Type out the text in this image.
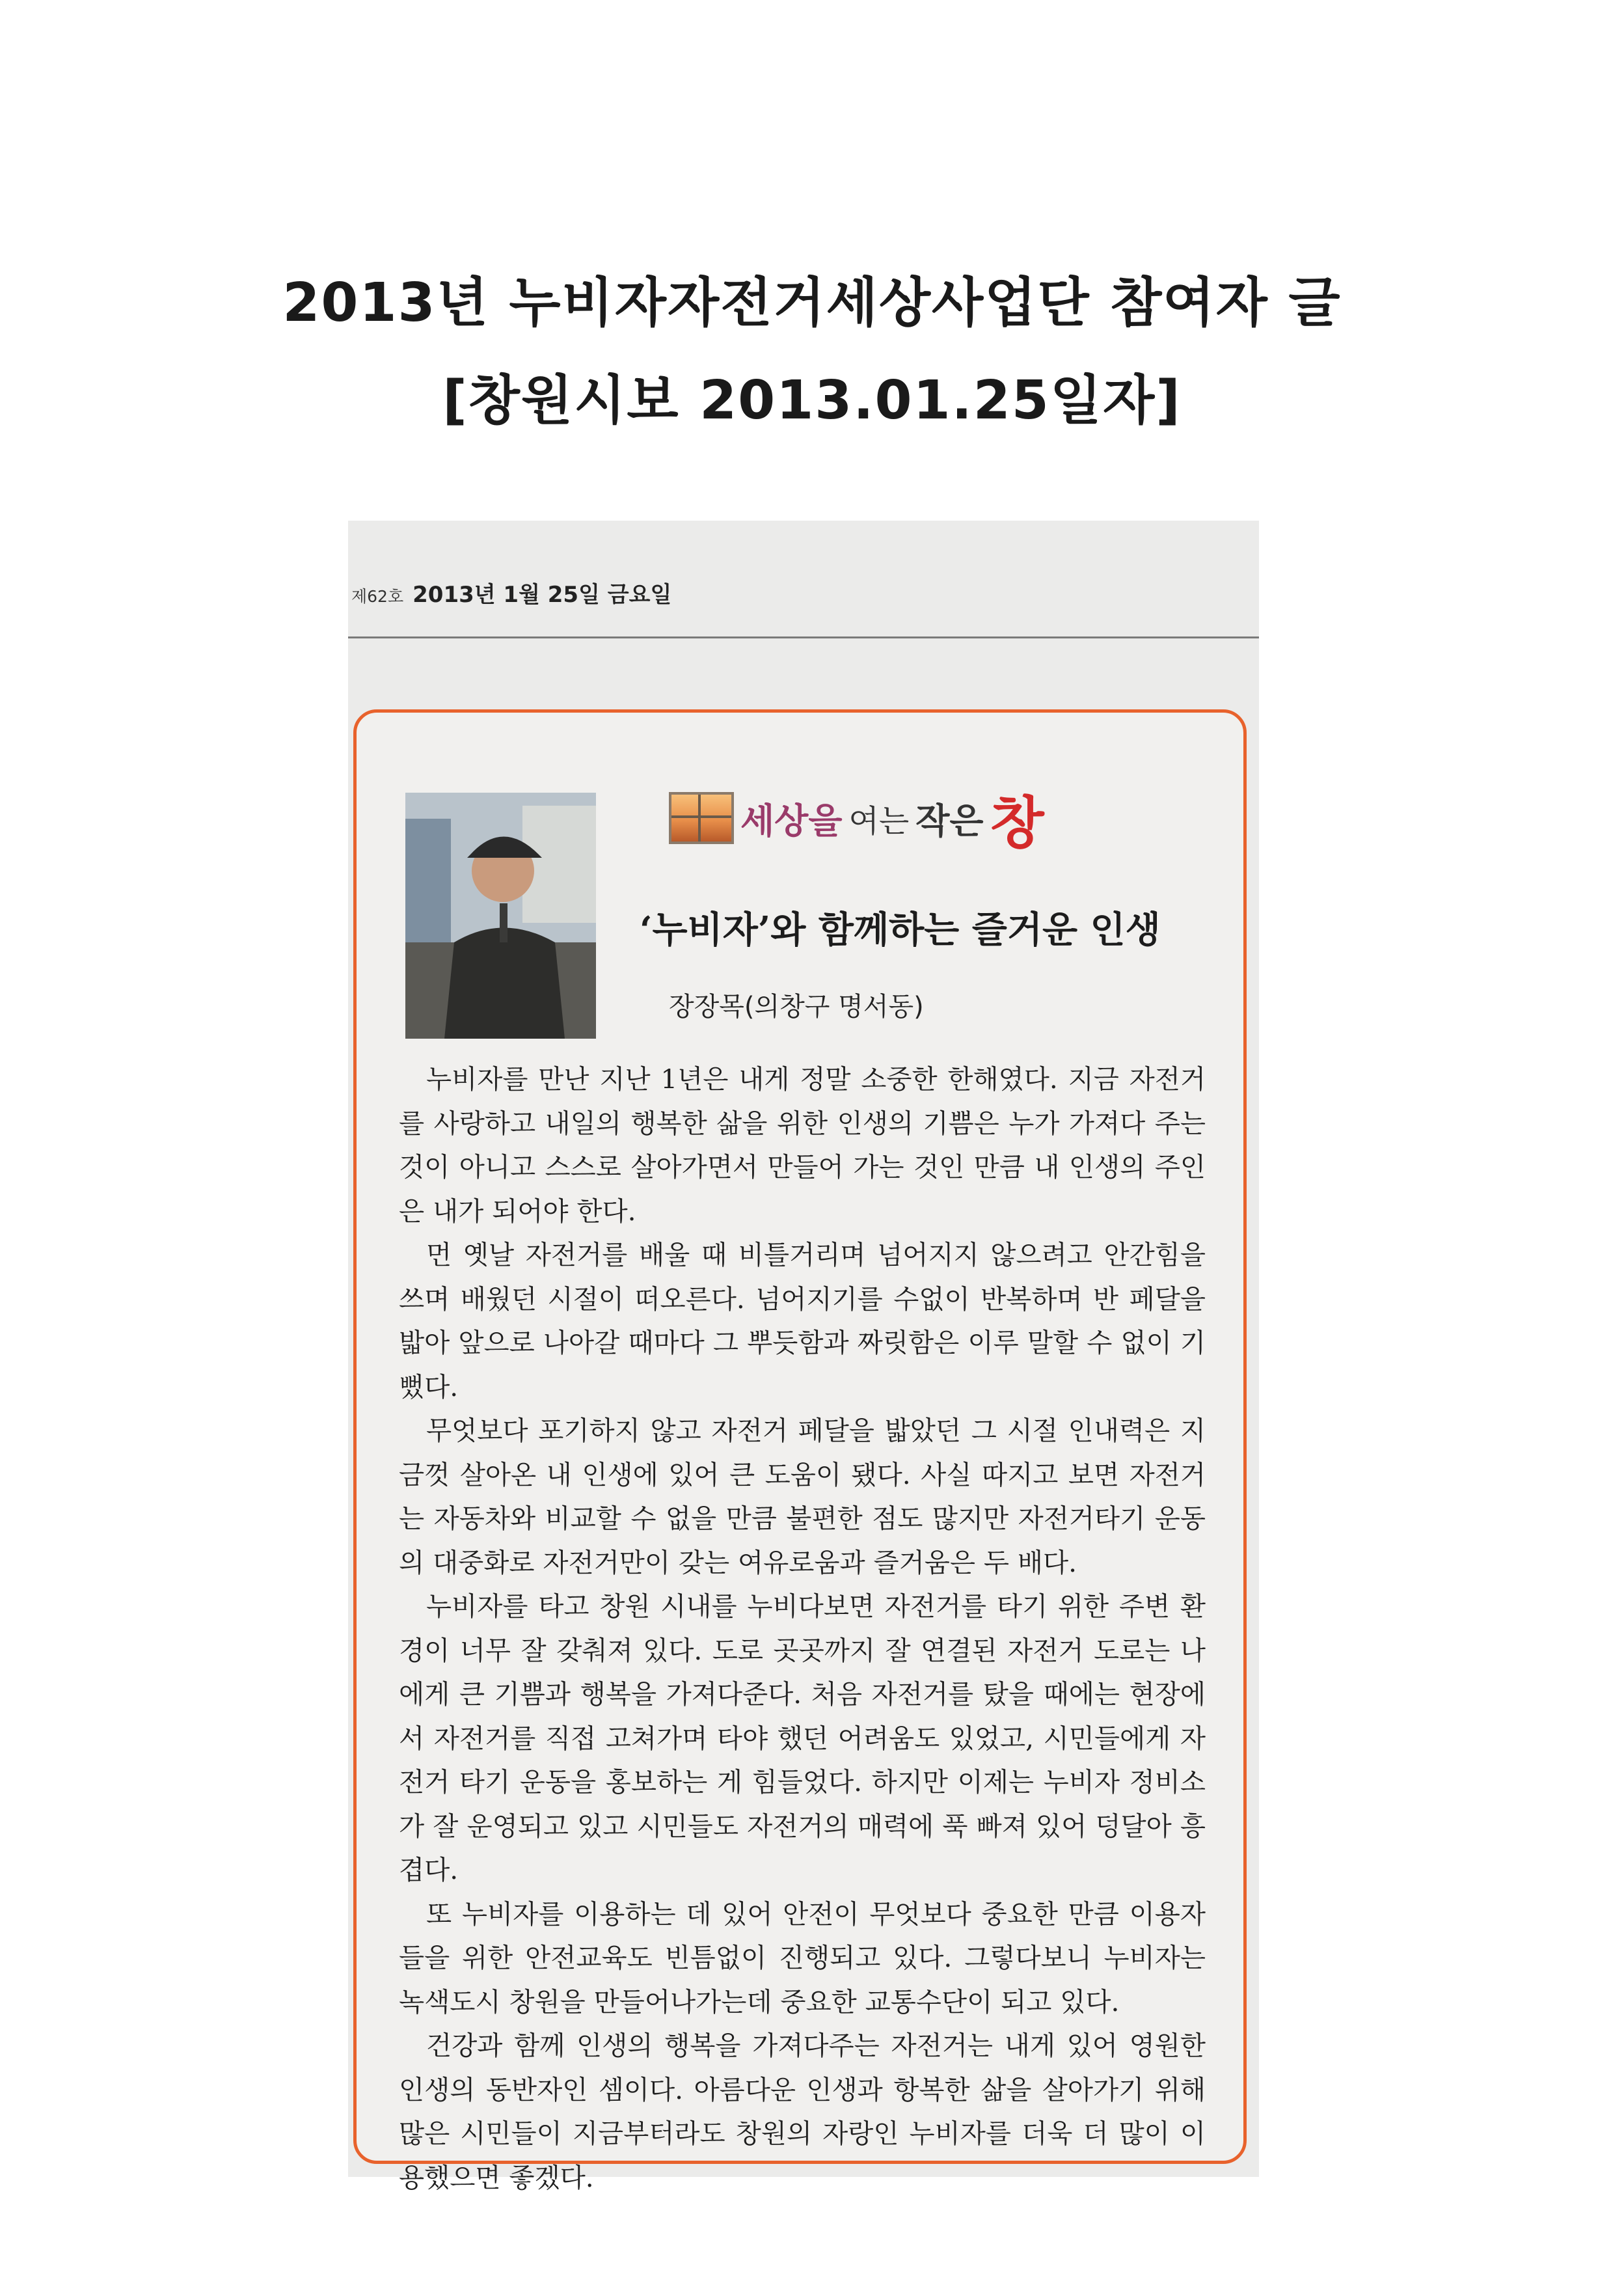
2013년 누비자자전거세상사업단 참여자 글
[창원시보 2013.01.25일자]
제62호 2013년 1월 25일 금요일
세상을 여는 작은 창
‘누비자’와 함께하는 즐거운 인생
장장목(의창구 명서동)

누비자를 만난 지난 1년은 내게 정말 소중한 한해였다. 지금 자전거를 사랑하고 내일의 행복한 삶을 위한 인생의 기쁨은 누가 가져다 주는 것이 아니고 스스로 살아가면서 만들어 가는 것인 만큼 내 인생의 주인은 내가 되어야 한다.

먼 옛날 자전거를 배울 때 비틀거리며 넘어지지 않으려고 안간힘을 쓰며 배웠던 시절이 떠오른다. 넘어지기를 수없이 반복하며 반 페달을 밟아 앞으로 나아갈 때마다 그 뿌듯함과 짜릿함은 이루 말할 수 없이 기뻤다.

무엇보다 포기하지 않고 자전거 페달을 밟았던 그 시절 인내력은 지금껏 살아온 내 인생에 있어 큰 도움이 됐다. 사실 따지고 보면 자전거는 자동차와 비교할 수 없을 만큼 불편한 점도 많지만 자전거타기 운동의 대중화로 자전거만이 갖는 여유로움과 즐거움은 두 배다.

누비자를 타고 창원 시내를 누비다보면 자전거를 타기 위한 주변 환경이 너무 잘 갖춰져 있다. 도로 곳곳까지 잘 연결된 자전거 도로는 나에게 큰 기쁨과 행복을 가져다준다. 처음 자전거를 탔을 때에는 현장에서 자전거를 직접 고쳐가며 타야 했던 어려움도 있었고, 시민들에게 자전거 타기 운동을 홍보하는 게 힘들었다. 하지만 이제는 누비자 정비소가 잘 운영되고 있고 시민들도 자전거의 매력에 푹 빠져 있어 덩달아 흥겹다.

또 누비자를 이용하는 데 있어 안전이 무엇보다 중요한 만큼 이용자들을 위한 안전교육도 빈틈없이 진행되고 있다. 그렇다보니 누비자는 녹색도시 창원을 만들어나가는데 중요한 교통수단이 되고 있다.

건강과 함께 인생의 행복을 가져다주는 자전거는 내게 있어 영원한 인생의 동반자인 셈이다. 아름다운 인생과 항복한 삶을 살아가기 위해 많은 시민들이 지금부터라도 창원의 자랑인 누비자를 더욱 더 많이 이용했으면 좋겠다.
